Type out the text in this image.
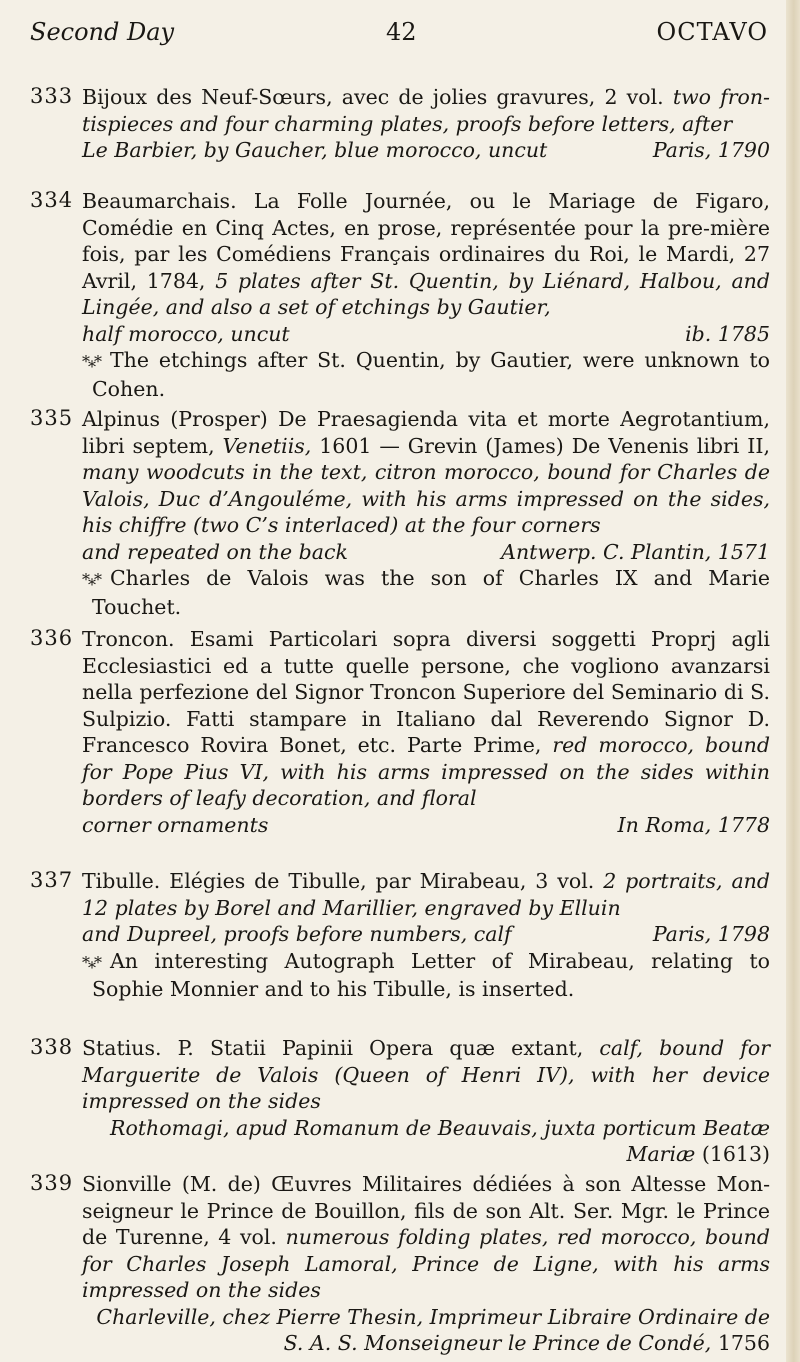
Second Day	42	OCTAVO
333 Bijoux des Neuf-Sœurs, avec de jolies gravures, 2 vol. two fron-tispieces and four charming plates, proofs before letters, after
Le Barbier, by Gaucher, blue morocco, uncut	Paris, 1790
334 Beaumarchais. La Folle Journée, ou le Mariage de Figaro, Comédie en Cinq Actes, en prose, représentée pour la pre-mière fois, par les Comédiens Français ordinaires du Roi, le Mardi, 27 Avril, 1784, 5 plates after St. Quentin, by Liénard, Halbou, and Lingée, and also a set of etchings by Gautier,
half morocco, uncut	ib. 1785
*⁎* The etchings after St. Quentin, by Gautier, were unknown to Cohen.
335 Alpinus (Prosper) De Praesagienda vita et morte Aegrotantium, libri septem, Venetiis, 1601 — Grevin (James) De Venenis libri II, many woodcuts in the text, citron morocco, bound for Charles de Valois, Duc d’Angouléme, with his arms impressed on the sides, his chiffre (two C’s interlaced) at the four corners
and repeated on the back	Antwerp. C. Plantin, 1571
*⁎* Charles de Valois was the son of Charles IX and Marie Touchet.
336 Troncon. Esami Particolari sopra diversi soggetti Proprj agli Ecclesiastici ed a tutte quelle persone, che vogliono avanzarsi nella perfezione del Signor Troncon Superiore del Seminario di S. Sulpizio. Fatti stampare in Italiano dal Reverendo Signor D. Francesco Rovira Bonet, etc. Parte Prime, red morocco, bound for Pope Pius VI, with his arms impressed on the sides within borders of leafy decoration, and floral
corner ornaments	In Roma, 1778
337 Tibulle. Elégies de Tibulle, par Mirabeau, 3 vol. 2 portraits, and 12 plates by Borel and Marillier, engraved by Elluin
and Dupreel, proofs before numbers, calf	Paris, 1798
*⁎* An interesting Autograph Letter of Mirabeau, relating to Sophie Monnier and to his Tibulle, is inserted.
338 Statius. P. Statii Papinii Opera quæ extant, calf, bound for Marguerite de Valois (Queen of Henri IV), with her device impressed on the sides
Rothomagi, apud Romanum de Beauvais, juxta porticum Beatæ Mariæ (1613)
339 Sionville (M. de) Œuvres Militaires dédiées à son Altesse Mon-seigneur le Prince de Bouillon, fils de son Alt. Ser. Mgr. le Prince de Turenne, 4 vol. numerous folding plates, red morocco, bound for Charles Joseph Lamoral, Prince de Ligne, with his arms impressed on the sides
Charleville, chez Pierre Thesin, Imprimeur Libraire Ordinaire de S. A. S. Monseigneur le Prince de Condé, 1756
